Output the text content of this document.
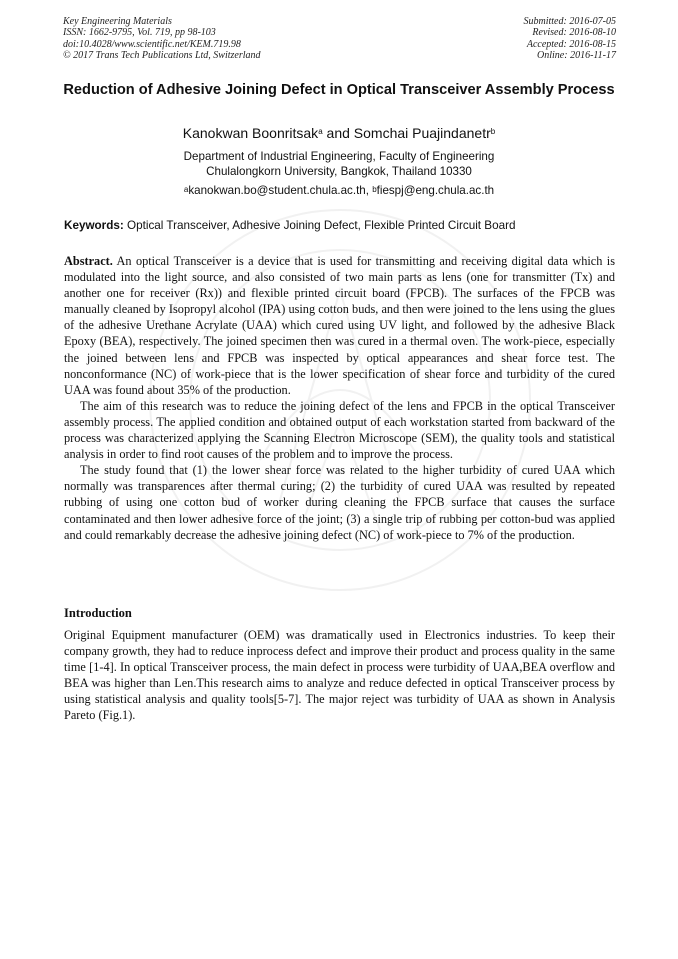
Key Engineering Materials
ISSN: 1662-9795, Vol. 719, pp 98-103
doi:10.4028/www.scientific.net/KEM.719.98
© 2017 Trans Tech Publications Ltd, Switzerland
Submitted: 2016-07-05
Revised: 2016-08-10
Accepted: 2016-08-15
Online: 2016-11-17
Reduction of Adhesive Joining Defect in Optical Transceiver Assembly Process
Kanokwan Boonritsak$^a$ and Somchai Puajindanetr$^b$
Department of Industrial Engineering, Faculty of Engineering
Chulalongkorn University, Bangkok, Thailand 10330
$^a$kanokwan.bo@student.chula.ac.th, $^b$fiespj@eng.chula.ac.th
Keywords: Optical Transceiver, Adhesive Joining Defect, Flexible Printed Circuit Board

Abstract. An optical Transceiver is a device that is used for transmitting and receiving digital data which is modulated into the light source, and also consisted of two main parts as lens (one for transmitter (Tx) and another one for receiver (Rx)) and flexible printed circuit board (FPCB). The surfaces of the FPCB was manually cleaned by Isopropyl alcohol (IPA) using cotton buds, and then were joined to the lens using the glues of the adhesive Urethane Acrylate (UAA) which cured using UV light, and followed by the adhesive Black Epoxy (BEA), respectively. The joined specimen then was cured in a thermal oven. The work-piece, especially the joined between lens and FPCB was inspected by optical appearances and shear force test. The nonconformance (NC) of work-piece that is the lower specification of shear force and turbidity of the cured UAA was found about 35% of the production.

The aim of this research was to reduce the joining defect of the lens and FPCB in the optical Transceiver assembly process. The applied condition and obtained output of each workstation started from backward of the process was characterized applying the Scanning Electron Microscope (SEM), the quality tools and statistical analysis in order to find root causes of the problem and to improve the process.

The study found that (1) the lower shear force was related to the higher turbidity of cured UAA which normally was transparences after thermal curing; (2) the turbidity of cured UAA was resulted by repeated rubbing of using one cotton bud of worker during cleaning the FPCB surface that causes the surface contaminated and then lower adhesive force of the joint; (3) a single trip of rubbing per cotton-bud was applied and could remarkably decrease the adhesive joining defect (NC) of work-piece to 7% of the production.

Introduction

Original Equipment manufacturer (OEM) was dramatically used in Electronics industries. To keep their company growth, they had to reduce inprocess defect and improve their product and process quality in the same time [1-4]. In optical Transceiver process, the main defect in process were turbidity of UAA,BEA overflow and BEA was higher than Len.This research aims to analyze and reduce defected in optical Transceiver process by using statistical analysis and quality tools[5-7]. The major reject was turbidity of UAA as shown in Analysis Pareto (Fig.1).
